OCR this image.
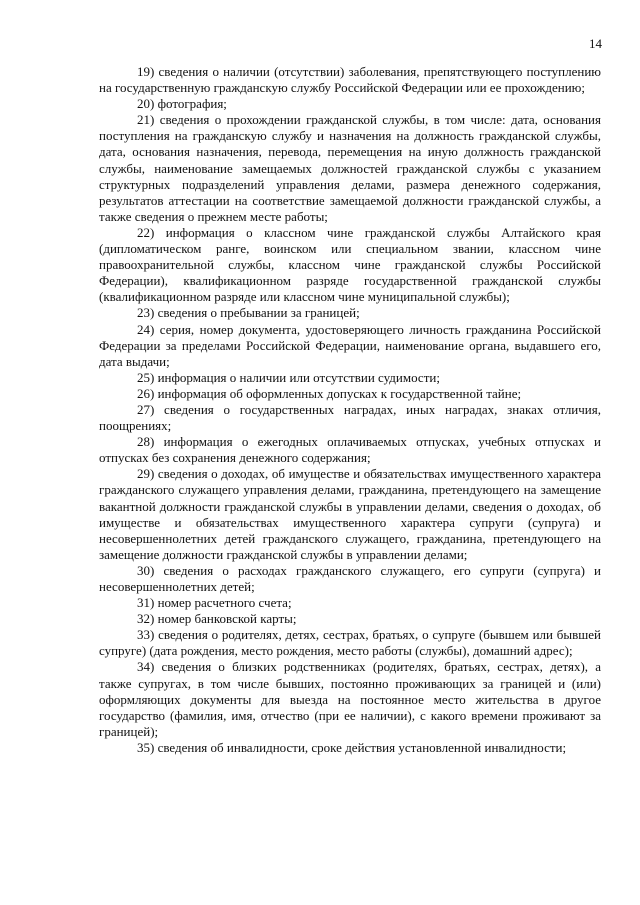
14

19) сведения о наличии (отсутствии) заболевания, препятствующего поступлению на государственную гражданскую службу Российской Федерации или ее прохождению;

20) фотография;

21) сведения о прохождении гражданской службы, в том числе: дата, основания поступления на гражданскую службу и назначения на должность гражданской службы, дата, основания назначения, перевода, перемещения на иную должность гражданской службы, наименование замещаемых должностей гражданской службы с указанием структурных подразделений управления делами, размера денежного содержания, результатов аттестации на соответствие замещаемой должности гражданской службы, а также сведения о прежнем месте работы;

22) информация о классном чине гражданской службы Алтайского края (дипломатическом ранге, воинском или специальном звании, классном чине правоохранительной службы, классном чине гражданской службы Российской Федерации), квалификационном разряде государственной гражданской службы (квалификационном разряде или классном чине муниципальной службы);

23) сведения о пребывании за границей;

24) серия, номер документа, удостоверяющего личность гражданина Российской Федерации за пределами Российской Федерации, наименование органа, выдавшего его, дата выдачи;

25) информация о наличии или отсутствии судимости;

26) информация об оформленных допусках к государственной тайне;

27) сведения о государственных наградах, иных наградах, знаках отличия, поощрениях;

28) информация о ежегодных оплачиваемых отпусках, учебных отпусках и отпусках без сохранения денежного содержания;

29) сведения о доходах, об имуществе и обязательствах имущественного характера гражданского служащего управления делами, гражданина, претендующего на замещение вакантной должности гражданской службы в управлении делами, сведения о доходах, об имуществе и обязательствах имущественного характера супруги (супруга) и несовершеннолетних детей гражданского служащего, гражданина, претендующего на замещение должности гражданской службы в управлении делами;

30) сведения о расходах гражданского служащего, его супруги (супруга) и несовершеннолетних детей;

31) номер расчетного счета;

32) номер банковской карты;

33) сведения о родителях, детях, сестрах, братьях, о супруге (бывшем или бывшей супруге) (дата рождения, место рождения, место работы (службы), домашний адрес);

34) сведения о близких родственниках (родителях, братьях, сестрах, детях), а также супругах, в том числе бывших, постоянно проживающих за границей и (или) оформляющих документы для выезда на постоянное место жительства в другое государство (фамилия, имя, отчество (при ее наличии), с какого времени проживают за границей);

35) сведения об инвалидности, сроке действия установленной инвалидности;
